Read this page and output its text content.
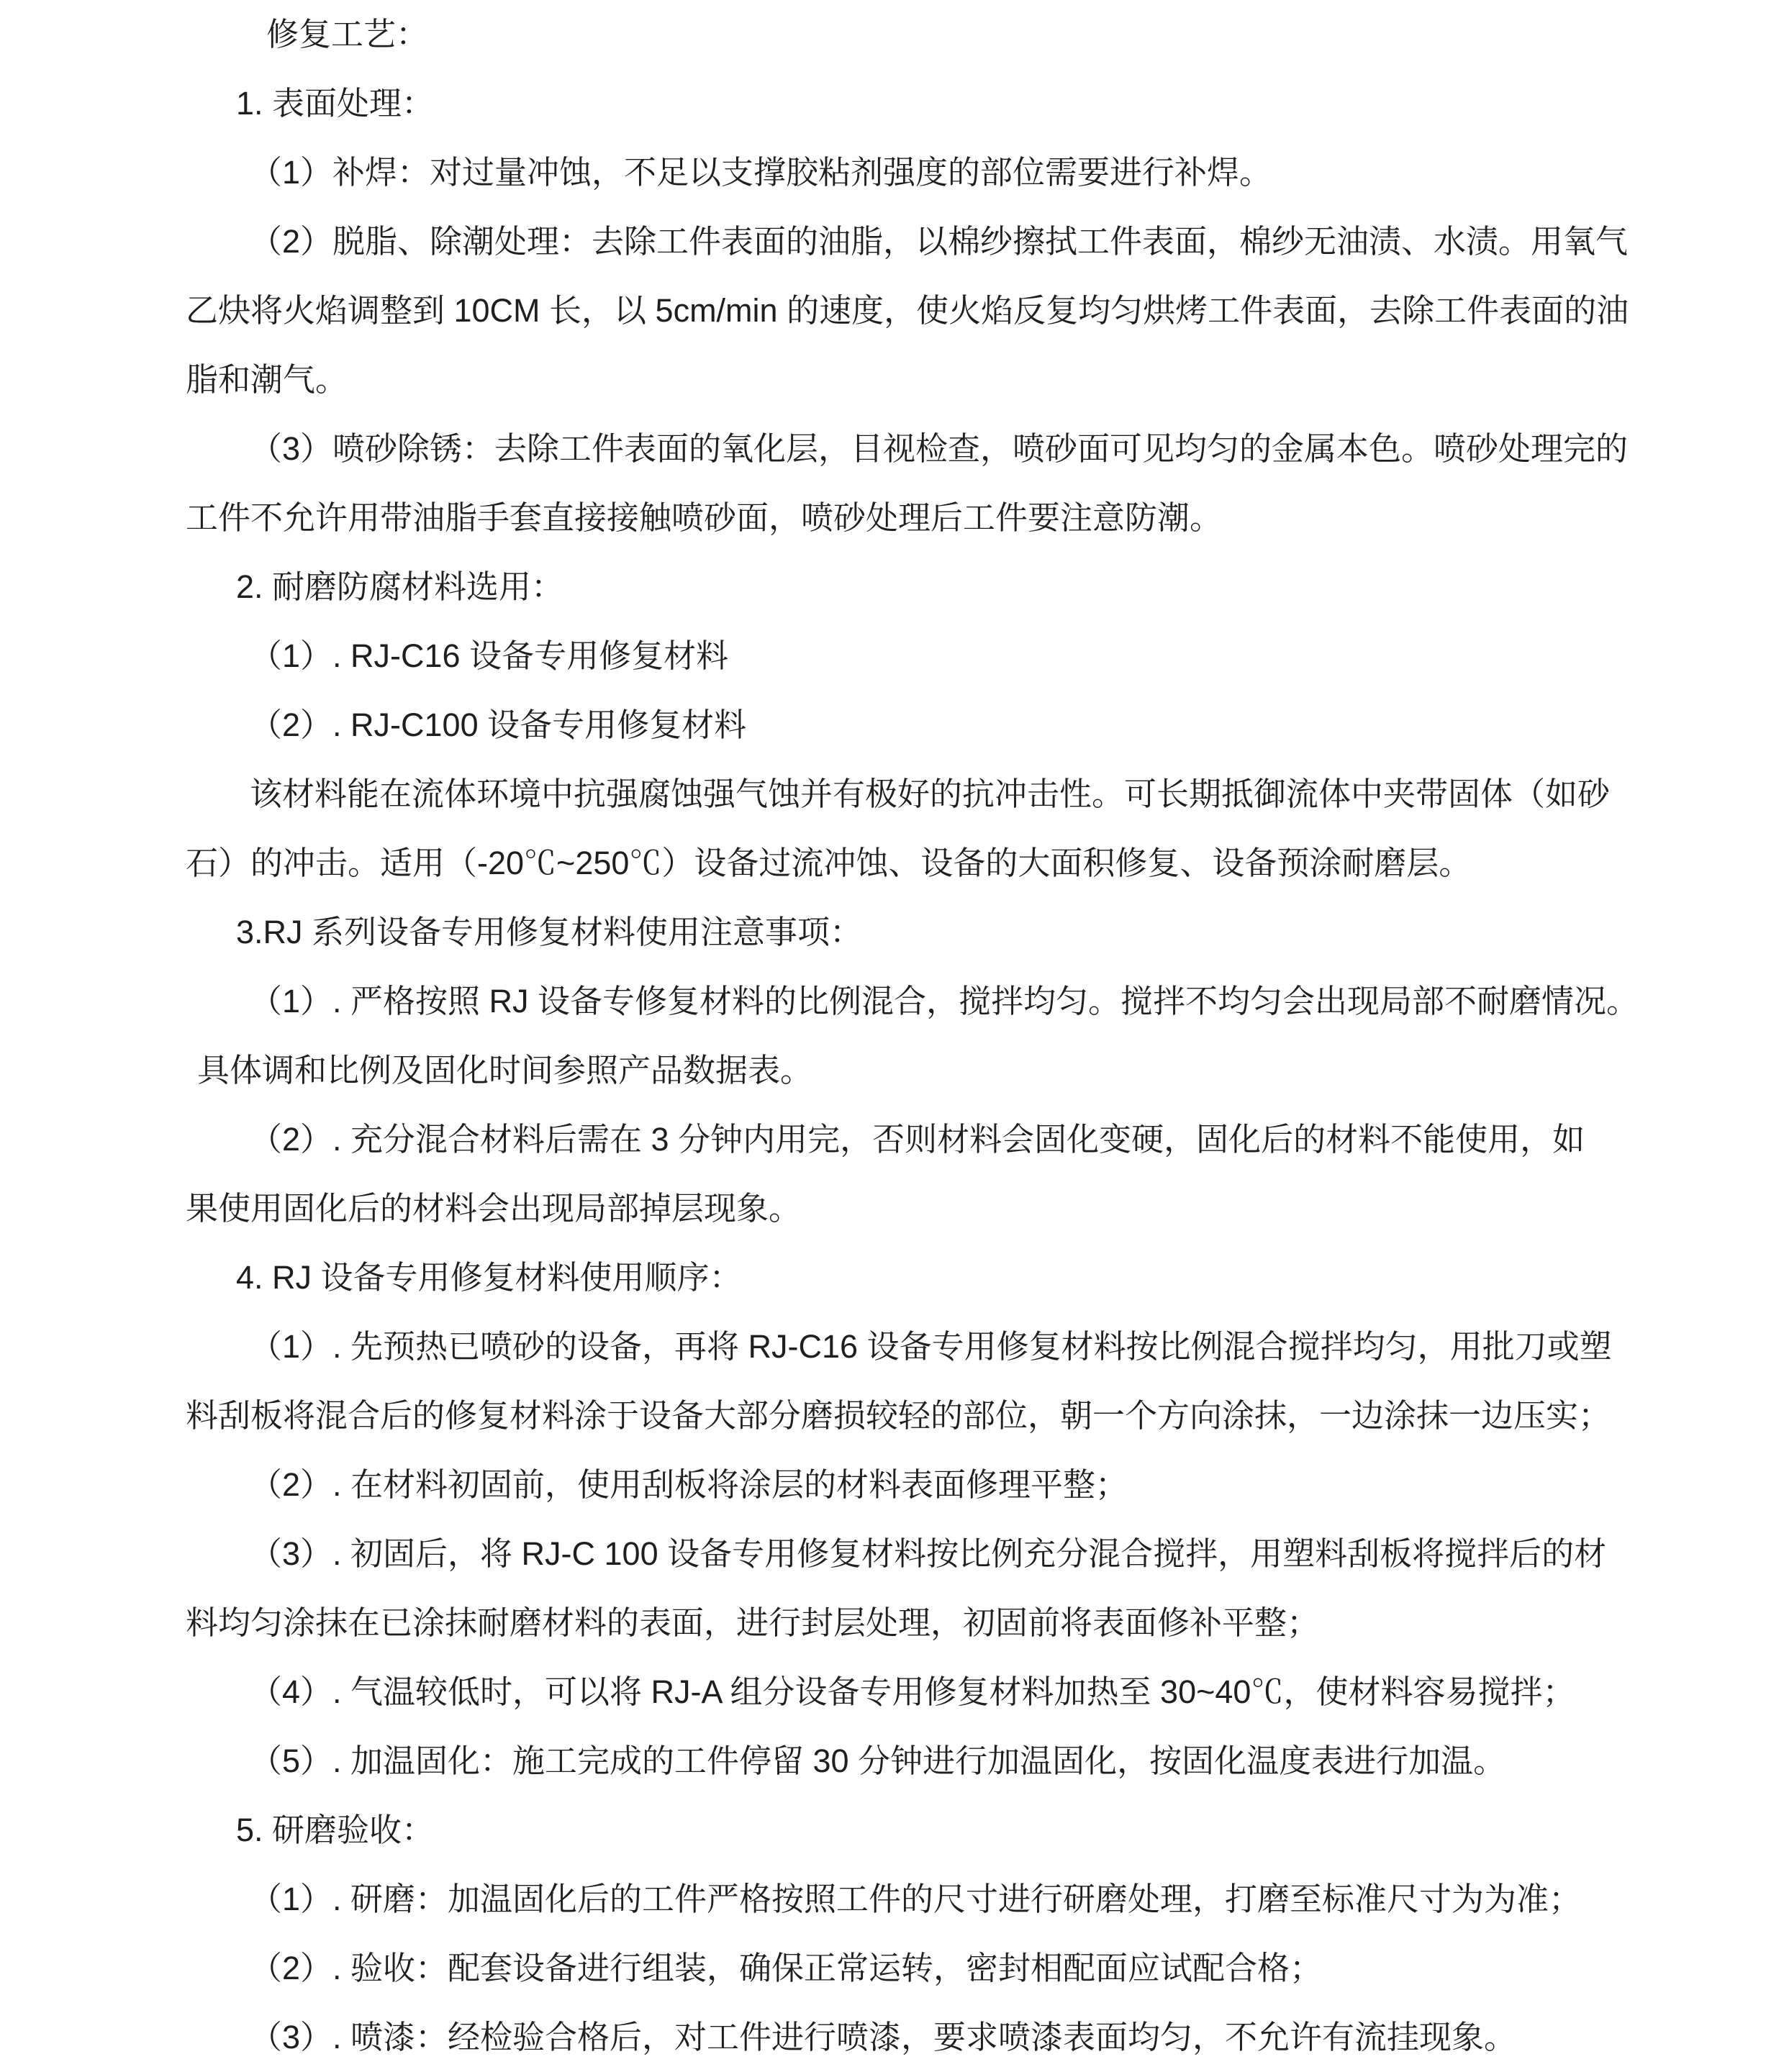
修复工艺：
1. 表面处理：
（1）补焊：对过量冲蚀，不足以支撑胶粘剂强度的部位需要进行补焊。
（2）脱脂、除潮处理：去除工件表面的油脂，以棉纱擦拭工件表面，棉纱无油渍、水渍。用氧气
乙炔将火焰调整到 10CM 长，以 5cm/min 的速度，使火焰反复均匀烘烤工件表面，去除工件表面的油
脂和潮气。
（3）喷砂除锈：去除工件表面的氧化层，目视检查，喷砂面可见均匀的金属本色。喷砂处理完的
工件不允许用带油脂手套直接接触喷砂面，喷砂处理后工件要注意防潮。
2. 耐磨防腐材料选用：
（1）. RJ-C16 设备专用修复材料
（2）. RJ-C100 设备专用修复材料
该材料能在流体环境中抗强腐蚀强气蚀并有极好的抗冲击性。可长期抵御流体中夹带固体（如砂
石）的冲击。适用（-20℃~250℃）设备过流冲蚀、设备的大面积修复、设备预涂耐磨层。
3.RJ 系列设备专用修复材料使用注意事项：
（1）. 严格按照 RJ 设备专修复材料的比例混合，搅拌均匀。搅拌不均匀会出现局部不耐磨情况。
具体调和比例及固化时间参照产品数据表。
（2）. 充分混合材料后需在 3 分钟内用完，否则材料会固化变硬，固化后的材料不能使用，如
果使用固化后的材料会出现局部掉层现象。
4. RJ 设备专用修复材料使用顺序：
（1）. 先预热已喷砂的设备，再将 RJ-C16 设备专用修复材料按比例混合搅拌均匀，用批刀或塑
料刮板将混合后的修复材料涂于设备大部分磨损较轻的部位，朝一个方向涂抹，一边涂抹一边压实；
（2）. 在材料初固前，使用刮板将涂层的材料表面修理平整；
（3）. 初固后，将 RJ-C 100 设备专用修复材料按比例充分混合搅拌，用塑料刮板将搅拌后的材
料均匀涂抹在已涂抹耐磨材料的表面，进行封层处理，初固前将表面修补平整；
（4）. 气温较低时，可以将 RJ-A 组分设备专用修复材料加热至 30~40℃，使材料容易搅拌；
（5）. 加温固化：施工完成的工件停留 30 分钟进行加温固化，按固化温度表进行加温。
5. 研磨验收：
（1）. 研磨：加温固化后的工件严格按照工件的尺寸进行研磨处理，打磨至标准尺寸为为准；
（2）. 验收：配套设备进行组装，确保正常运转，密封相配面应试配合格；
（3）. 喷漆：经检验合格后，对工件进行喷漆，要求喷漆表面均匀，不允许有流挂现象。
